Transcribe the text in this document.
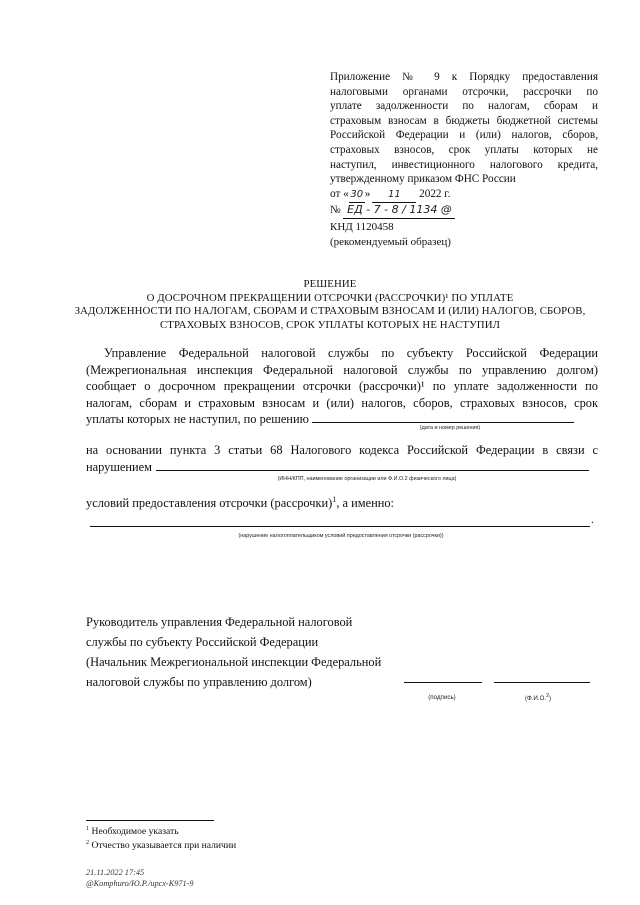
Приложение № 9 к Порядку предоставления
налоговыми органами отсрочки, рассрочки по
уплате задолженности по налогам, сборам и
страховым взносам в бюджеты бюджетной системы
Российской Федерации и (или) налогов, сборов,
страховых взносов, срок уплаты которых не
наступил, инвестиционного налогового кредита,
утвержденному приказом ФНС России
от « 30 » 11 2022 г.
№ ЕД - 7 - 8 / 1134 @
КНД 1120458
(рекомендуемый образец)
РЕШЕНИЕ
О ДОСРОЧНОМ ПРЕКРАЩЕНИИ ОТСРОЧКИ (РАССРОЧКИ)¹ ПО УПЛАТЕ
ЗАДОЛЖЕННОСТИ ПО НАЛОГАМ, СБОРАМ И СТРАХОВЫМ ВЗНОСАМ И (ИЛИ) НАЛОГОВ, СБОРОВ,
СТРАХОВЫХ ВЗНОСОВ, СРОК УПЛАТЫ КОТОРЫХ НЕ НАСТУПИЛ
Управление Федеральной налоговой службы по субъекту Российской Федерации
(Межрегиональная инспекция Федеральной налоговой службы по управлению долгом)
сообщает о досрочном прекращении отсрочки (рассрочки)¹ по уплате задолженности по
налогам, сборам и страховым взносам и (или) налогов, сборов, страховых взносов, срок
уплаты которых не наступил, по решению
(дата и номер решения)
на основании пункта 3 статьи 68 Налогового кодекса Российской Федерации в связи с
нарушением
(ИНН/КПП, наименование организации или Ф.И.О.2 физического лица)
условий предоставления отсрочки (рассрочки)$^1$, а именно:
.
(нарушение налогоплательщиком условий предоставления отсрочки (рассрочки))
Руководитель управления Федеральной налоговой
службы по субъекту Российской Федерации
(Начальник Межрегиональной инспекции Федеральной
налоговой службы по управлению долгом)
(подпись)	(Ф.И.О.$^2$)
$^1$ Необходимое указать
$^2$ Отчество указывается при наличии
21.11.2022 17:45
@Komphuro/Ю.Р./ирсх-К971-9
